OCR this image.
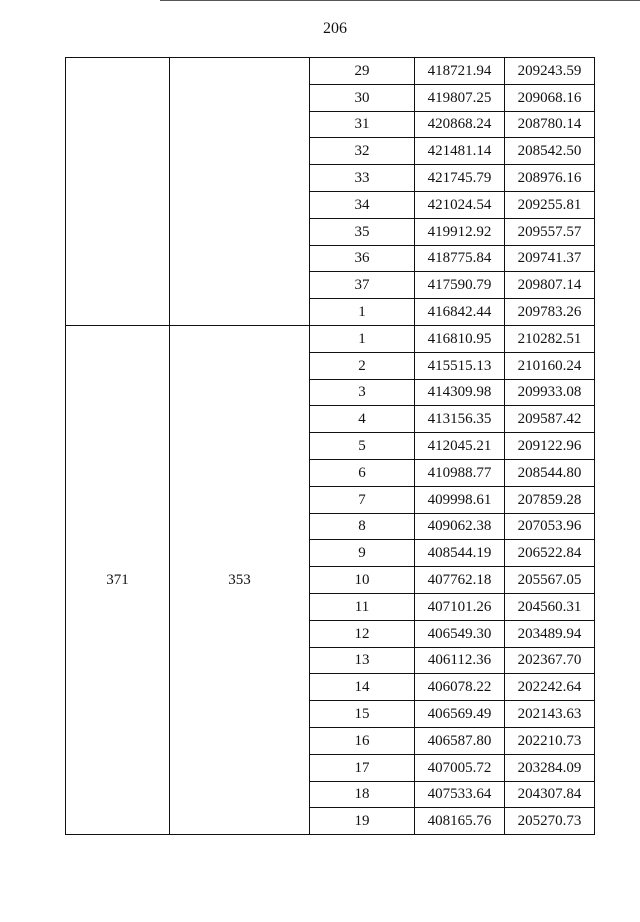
206
		29	418721.94	209243.59
		30	419807.25	209068.16
		31	420868.24	208780.14
		32	421481.14	208542.50
		33	421745.79	208976.16
		34	421024.54	209255.81
		35	419912.92	209557.57
		36	418775.84	209741.37
		37	417590.79	209807.14
		1	416842.44	209783.26
371	353	1	416810.95	210282.51
		2	415515.13	210160.24
		3	414309.98	209933.08
		4	413156.35	209587.42
		5	412045.21	209122.96
		6	410988.77	208544.80
		7	409998.61	207859.28
		8	409062.38	207053.96
		9	408544.19	206522.84
		10	407762.18	205567.05
		11	407101.26	204560.31
		12	406549.30	203489.94
		13	406112.36	202367.70
		14	406078.22	202242.64
		15	406569.49	202143.63
		16	406587.80	202210.73
		17	407005.72	203284.09
		18	407533.64	204307.84
		19	408165.76	205270.73
